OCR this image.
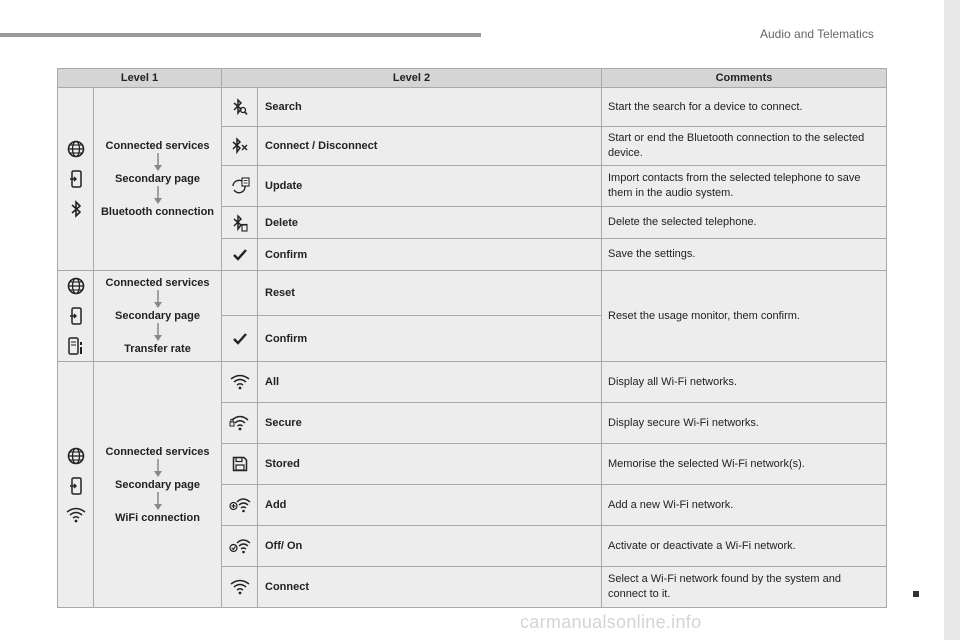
Audio and Telematics
Level 1		Level 2		Comments

Connected services
Secondary page
Bluetooth connection		Search	Start the search for a device to connect.

	Connect / Disconnect	Start or end the Bluetooth connection to the selected device.

	Update	Import contacts from the selected telephone to save them in the audio system.

	Delete	Delete the selected telephone.

	Confirm	Save the settings.

Connected services
Secondary page
Transfer rate		Reset	Reset the usage monitor, them confirm.

	Confirm	

Connected services
Secondary page
WiFi connection		All	Display all Wi-Fi networks.

	Secure	Display secure Wi-Fi networks.

	Stored	Memorise the selected Wi-Fi network(s).

	Add	Add a new Wi-Fi network.

	Off/ On	Activate or deactivate a Wi-Fi network.

	Connect	Select a Wi-Fi network found by the system and connect to it.
carmanualsonline.info
